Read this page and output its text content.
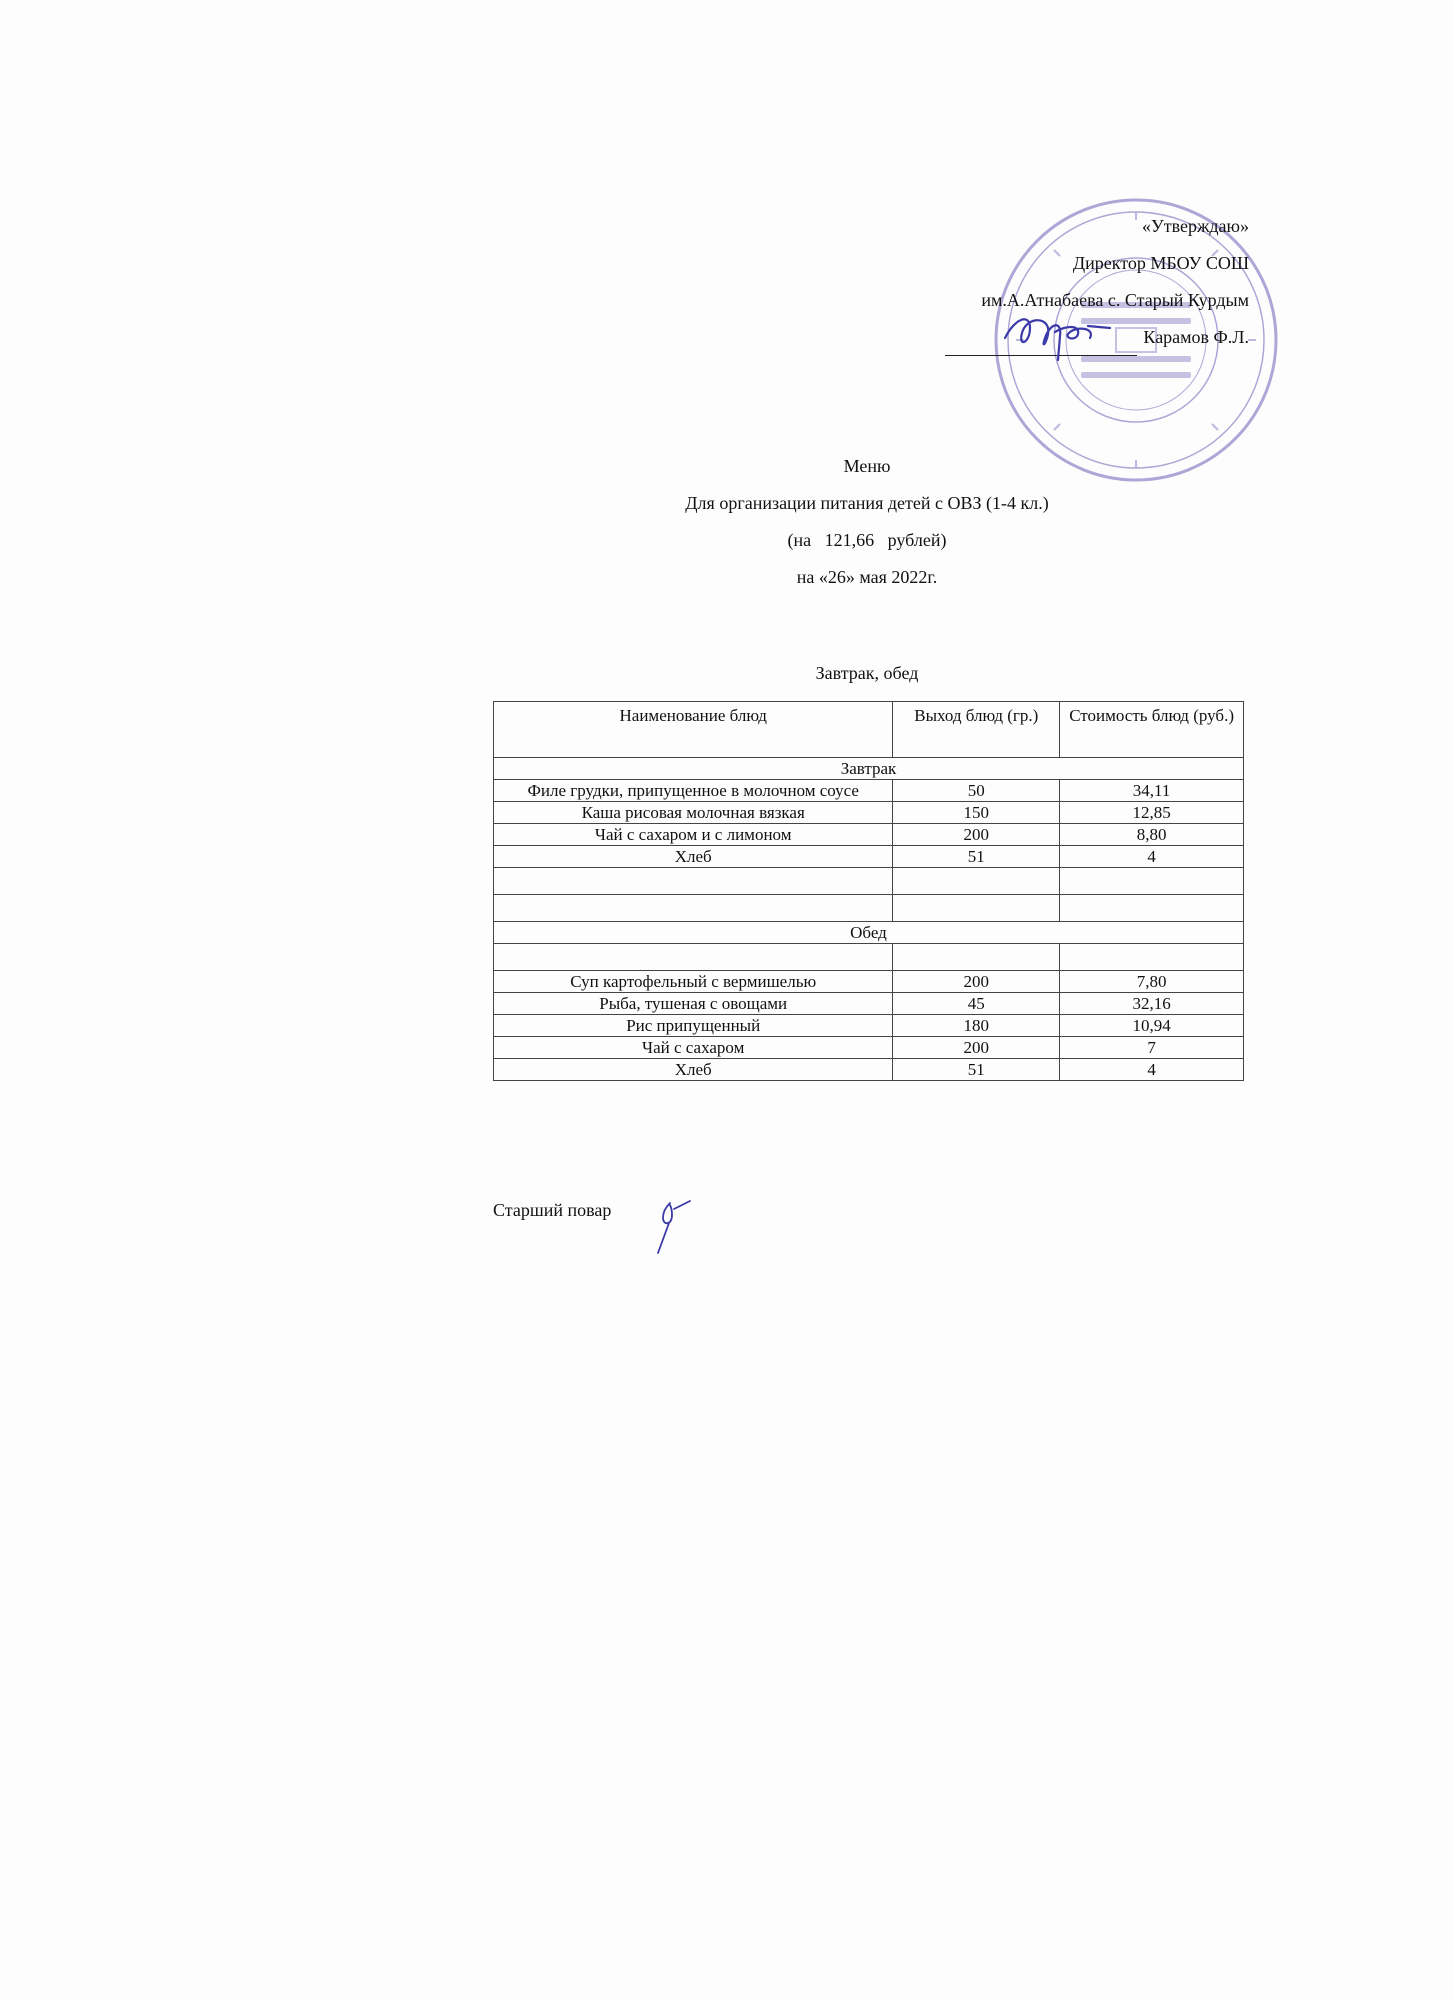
«Утверждаю»
Директор МБОУ СОШ
им.А.Атнабаева с. Старый Курдым
Карамов Ф.Л.
Меню
Для организации питания детей с ОВЗ (1-4 кл.)
(на   121,66   рублей)
на «26» мая 2022г.
Завтрак, обед
Наименование блюд	Выход блюд (гр.)	Стоимость блюд (руб.)
Завтрак		
Филе грудки, припущенное в молочном соусе	50	34,11
Каша рисовая молочная вязкая	150	12,85
Чай с сахаром и с лимоном	200	8,80
Хлеб	51	4

Обед		

Суп картофельный с вермишелью	200	7,80
Рыба, тушеная с овощами	45	32,16
Рис припущенный	180	10,94
Чай с сахаром	200	7
Хлеб	51	4
Старший повар
